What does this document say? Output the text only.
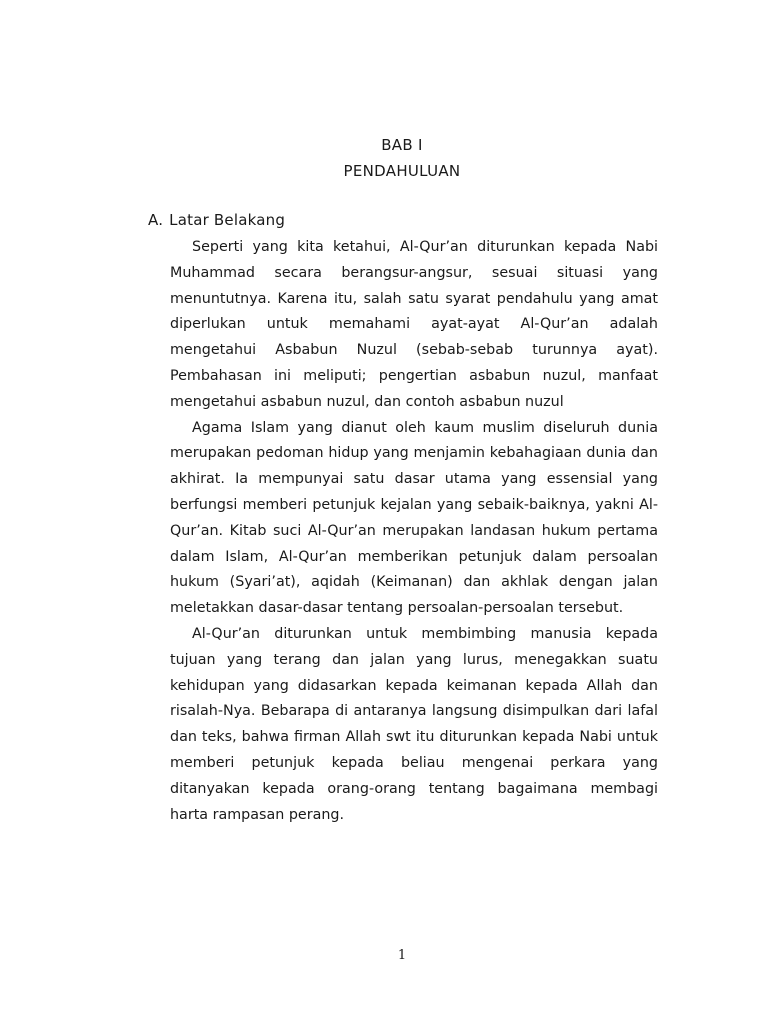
BAB I
PENDAHULUAN
A. Latar Belakang

Seperti yang kita ketahui, Al-Qur’an diturunkan kepada Nabi Muhammad secara berangsur-angsur, sesuai situasi yang menuntutnya. Karena itu, salah satu syarat pendahulu yang amat diperlukan untuk memahami ayat-ayat Al-Qur’an adalah mengetahui Asbabun Nuzul (sebab-sebab turunnya ayat). Pembahasan ini meliputi; pengertian asbabun nuzul, manfaat mengetahui asbabun nuzul, dan contoh asbabun nuzul

Agama Islam yang dianut oleh kaum muslim diseluruh dunia merupakan pedoman hidup yang menjamin kebahagiaan dunia dan akhirat. Ia mempunyai satu dasar utama yang essensial yang berfungsi memberi petunjuk kejalan yang sebaik-baiknya, yakni Al-Qur’an. Kitab suci Al-Qur’an merupakan landasan hukum pertama dalam Islam, Al-Qur’an memberikan petunjuk dalam persoalan hukum (Syari’at), aqidah (Keimanan) dan akhlak dengan jalan meletakkan dasar-dasar tentang persoalan-persoalan tersebut.

Al-Qur’an diturunkan untuk membimbing manusia kepada tujuan yang terang dan jalan yang lurus, menegakkan suatu kehidupan yang didasarkan kepada keimanan kepada Allah dan risalah-Nya. Bebarapa di antaranya langsung disimpulkan dari lafal dan teks, bahwa firman Allah swt itu diturunkan kepada Nabi untuk memberi petunjuk kepada beliau mengenai perkara yang ditanyakan kepada orang-orang tentang bagaimana membagi harta rampasan perang.

1
